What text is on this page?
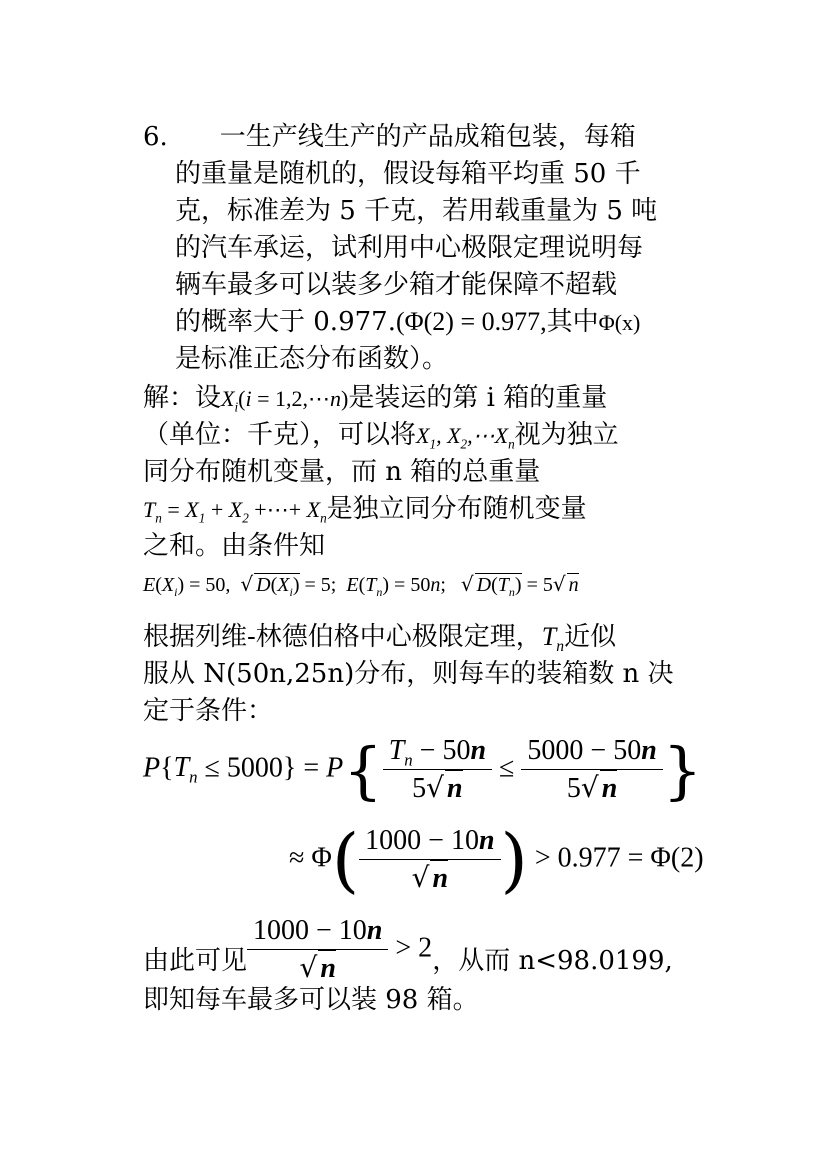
6.　　一生产线生产的产品成箱包装，每箱
的重量是随机的，假设每箱平均重 50 千
克，标准差为 5 千克，若用载重量为 5 吨
的汽车承运，试利用中心极限定理说明每
辆车最多可以装多少箱才能保障不超载
的概率大于 0.977.(Φ(2) = 0.977,其中Φ(x)
是标准正态分布函数）。
解：设$X_i(i$ = 1,2,⋯n)是装运的第 i 箱的重量
（单位：千克），可以将$X_1$, $X_2,\cdots X_n$视为独立
同分布随机变量，而 n 箱的总重量
$T_n = X_1 + X_2$ +⋯+ $X_n$是独立同分布随机变量
之和。由条件知
$E(X_i) = 50$,  √ $D(X_i) = 5$;  $E(T_n) = 50n$;   √ $D(T_n) = 5√$ n
根据列维-林德伯格中心极限定理，$T_n$近似
服从 N(50n,25n)分布，则每车的装箱数 n 决
定于条件：
$P\{T_n \le 5000\} = P\{ \frac{T_n - 50n}{5√ n} \le \frac{5000 - 50n}{5√ n}$ }
≈ $\Phi( \frac{1000 - 10n}{√ n}$ ) > 0.977 = Φ(2)
由此可见 $\frac{1000 - 10n}{√ n} > 2$，从而 n<98.0199,
即知每车最多可以装 98 箱。
